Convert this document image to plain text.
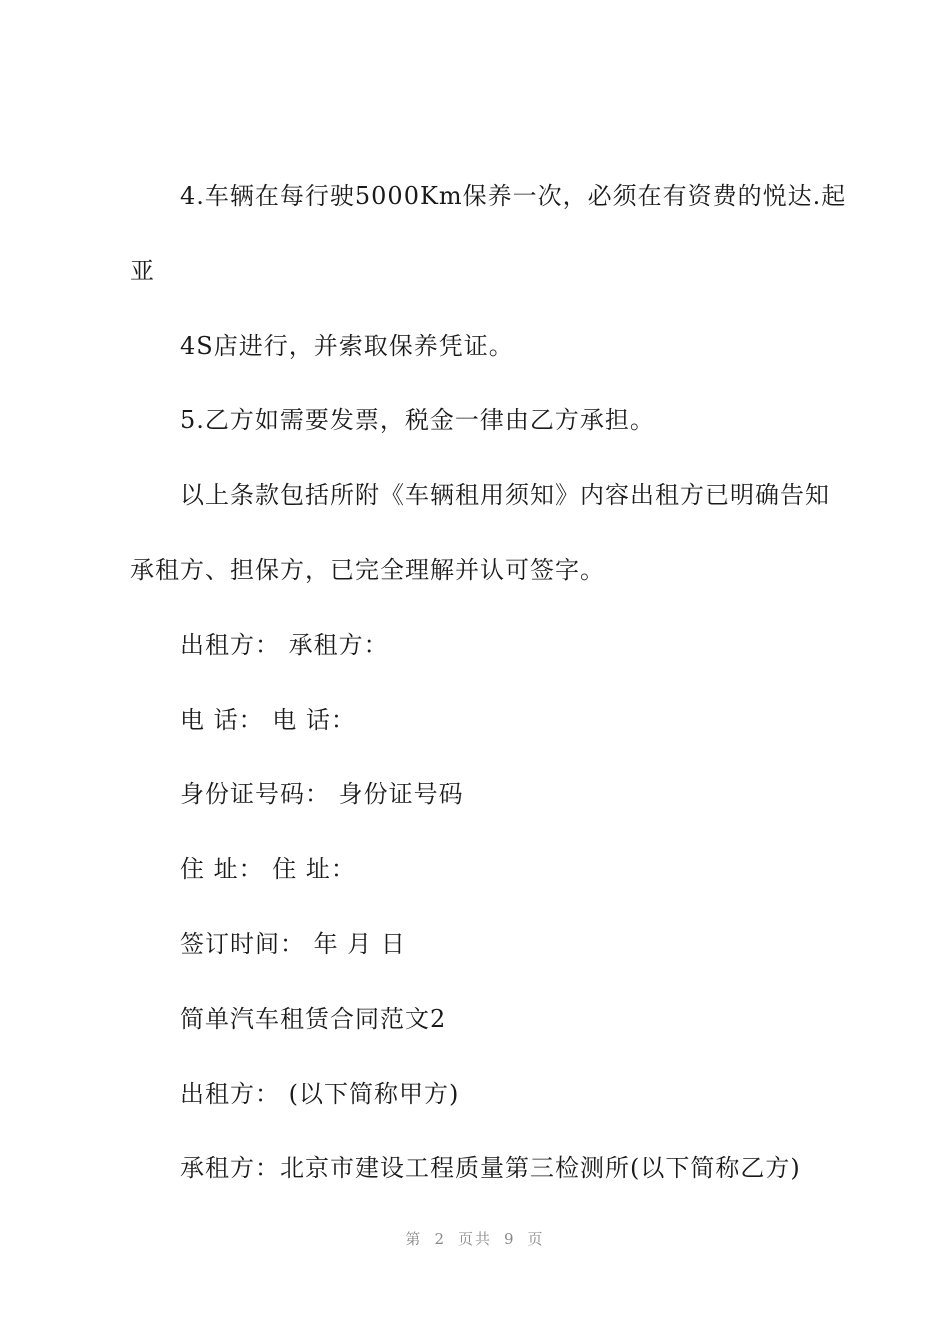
4.车辆在每行驶5000Km保养一次，必须在有资费的悦达.起
亚
4S店进行，并索取保养凭证。
5.乙方如需要发票，税金一律由乙方承担。
以上条款包括所附《车辆租用须知》内容出租方已明确告知
承租方、担保方，已完全理解并认可签字。
出租方： 承租方：
电 话： 电 话：
身份证号码： 身份证号码
住 址： 住 址：
签订时间： 年 月 日
简单汽车租赁合同范文2
出租方： (以下简称甲方)
承租方：北京市建设工程质量第三检测所(以下简称乙方)
第 2 页共 9 页
